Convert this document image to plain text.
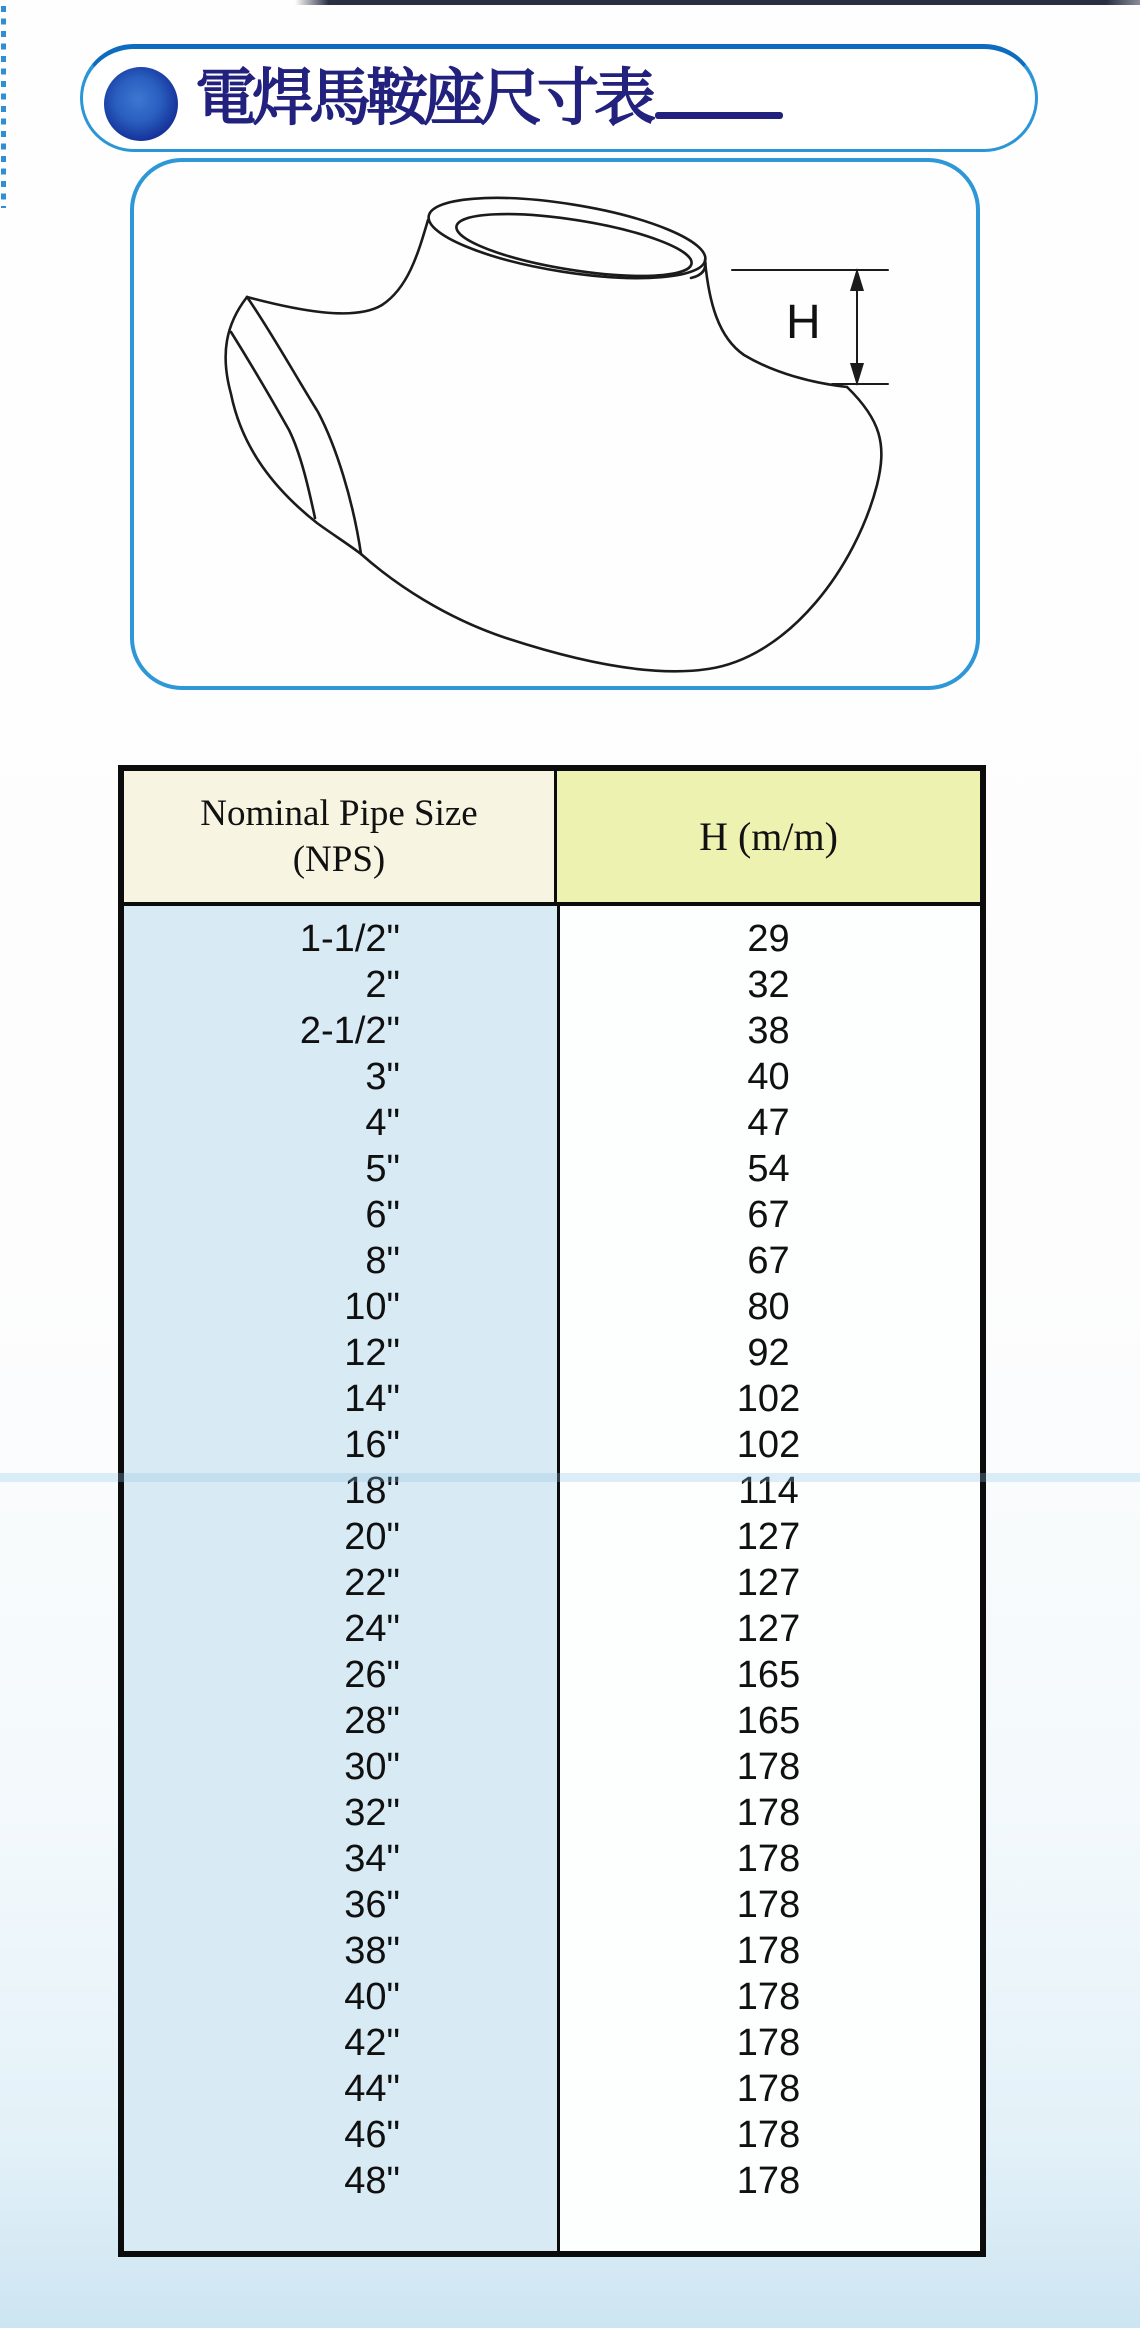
電焊馬鞍座尺寸表
H
Nominal Pipe Size
(NPS)	H (m/m)
1-1/2"	29
2"	32
2-1/2"	38
3"	40
4"	47
5"	54
6"	67
8"	67
10"	80
12"	92
14"	102
16"	102
18"	114
20"	127
22"	127
24"	127
26"	165
28"	165
30"	178
32"	178
34"	178
36"	178
38"	178
40"	178
42"	178
44"	178
46"	178
48"	178
